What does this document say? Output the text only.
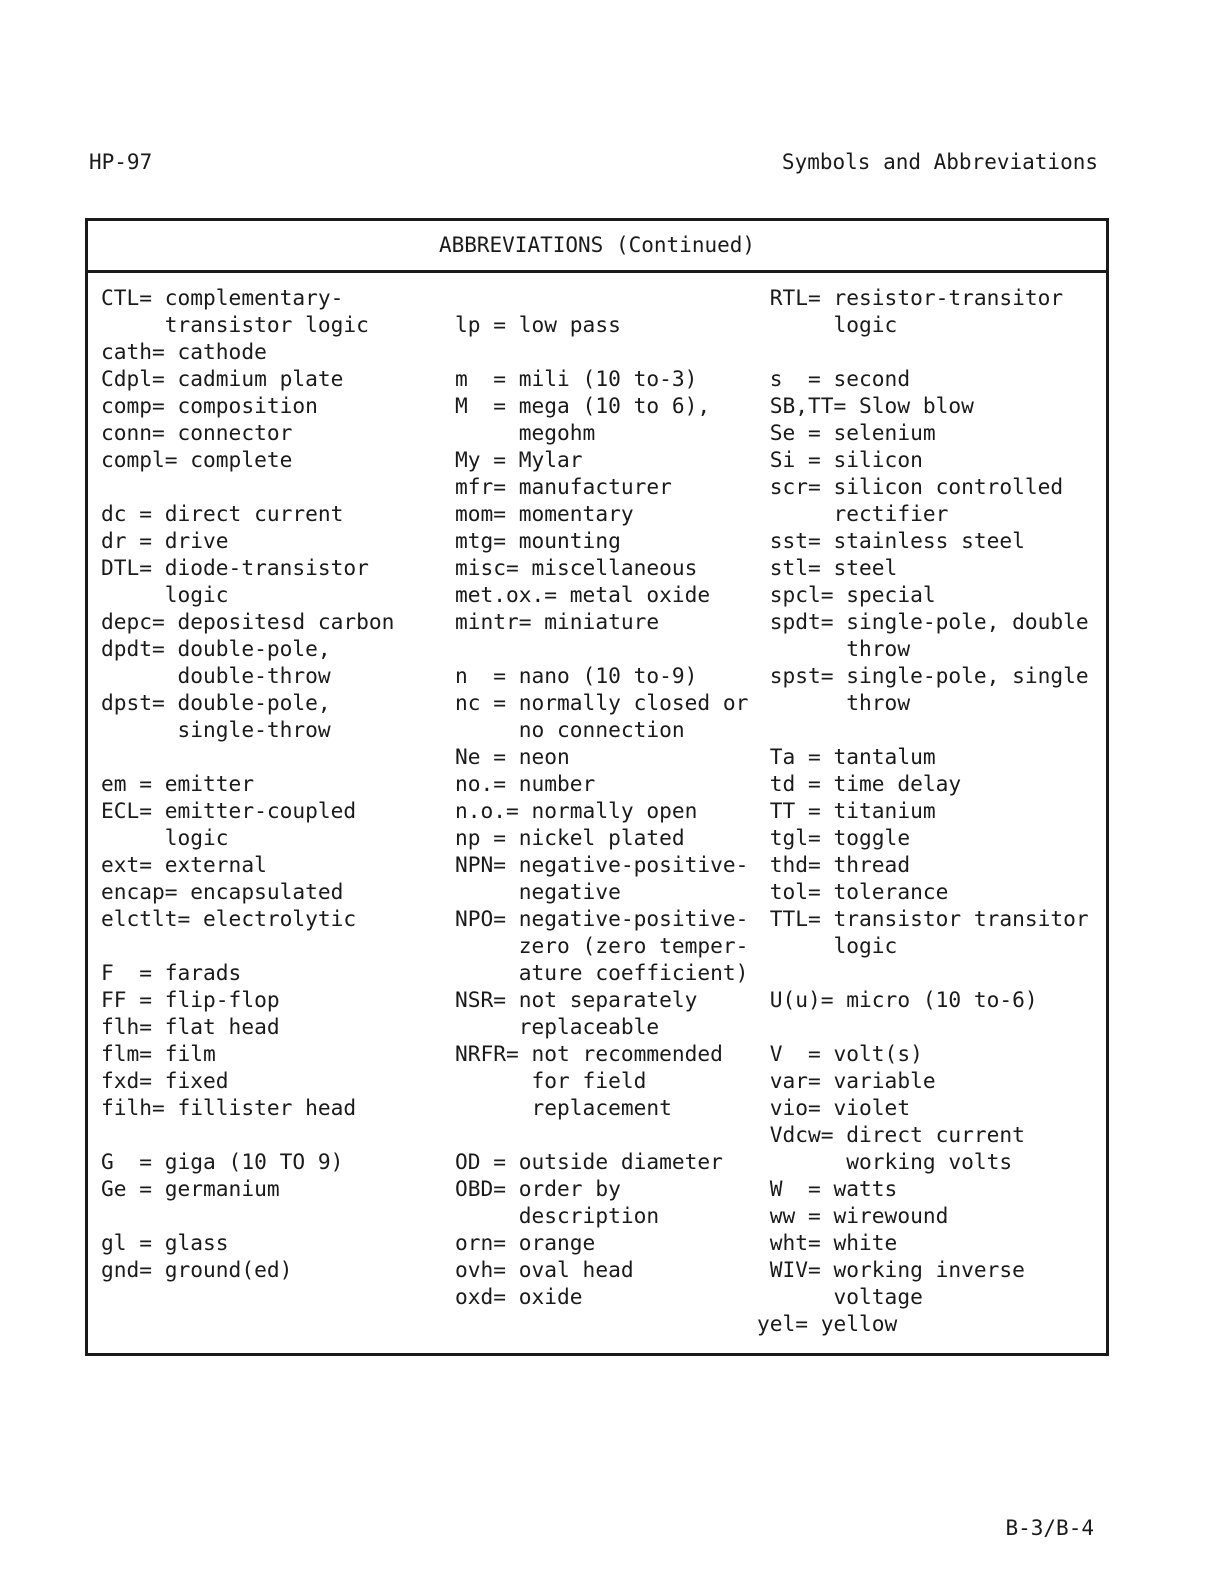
HP-97	Symbols and Abbreviations
ABBREVIATIONS (Continued)
CTL= complementary-
transistor logic
cath= cathode
Cdpl= cadmium plate
comp= composition
conn= connector
compl= complete
dc = direct current
dr = drive
DTL= diode-transistor
logic
depc= depositesd carbon
dpdt= double-pole,
double-throw
dpst= double-pole,
single-throw
em = emitter
ECL= emitter-coupled
logic
ext= external
encap= encapsulated
elctlt= electrolytic
F  = farads
FF = flip-flop
flh= flat head
flm= film
fxd= fixed
filh= fillister head
G  = giga (10 TO 9)
Ge = germanium
gl = glass
gnd= ground(ed)
lp = low pass
m  = mili (10 to-3)
M  = mega (10 to 6),
megohm
My = Mylar
mfr= manufacturer
mom= momentary
mtg= mounting
misc= miscellaneous
met.ox.= metal oxide
mintr= miniature
n  = nano (10 to-9)
nc = normally closed or
no connection
Ne = neon
no.= number
n.o.= normally open
np = nickel plated
NPN= negative-positive-
negative
NPO= negative-positive-
zero (zero temper-
ature coefficient)
NSR= not separately
replaceable
NRFR= not recommended
for field
replacement
OD = outside diameter
OBD= order by
description
orn= orange
ovh= oval head
oxd= oxide
RTL= resistor-transitor
logic
s  = second
SB,TT= Slow blow
Se = selenium
Si = silicon
scr= silicon controlled
rectifier
sst= stainless steel
stl= steel
spcl= special
spdt= single-pole, double
throw
spst= single-pole, single
throw
Ta = tantalum
td = time delay
TT = titanium
tgl= toggle
thd= thread
tol= tolerance
TTL= transistor transitor
logic
U(u)= micro (10 to-6)
V  = volt(s)
var= variable
vio= violet
Vdcw= direct current
working volts
W  = watts
ww = wirewound
wht= white
WIV= working inverse
voltage
yel= yellow
B-3/B-4
